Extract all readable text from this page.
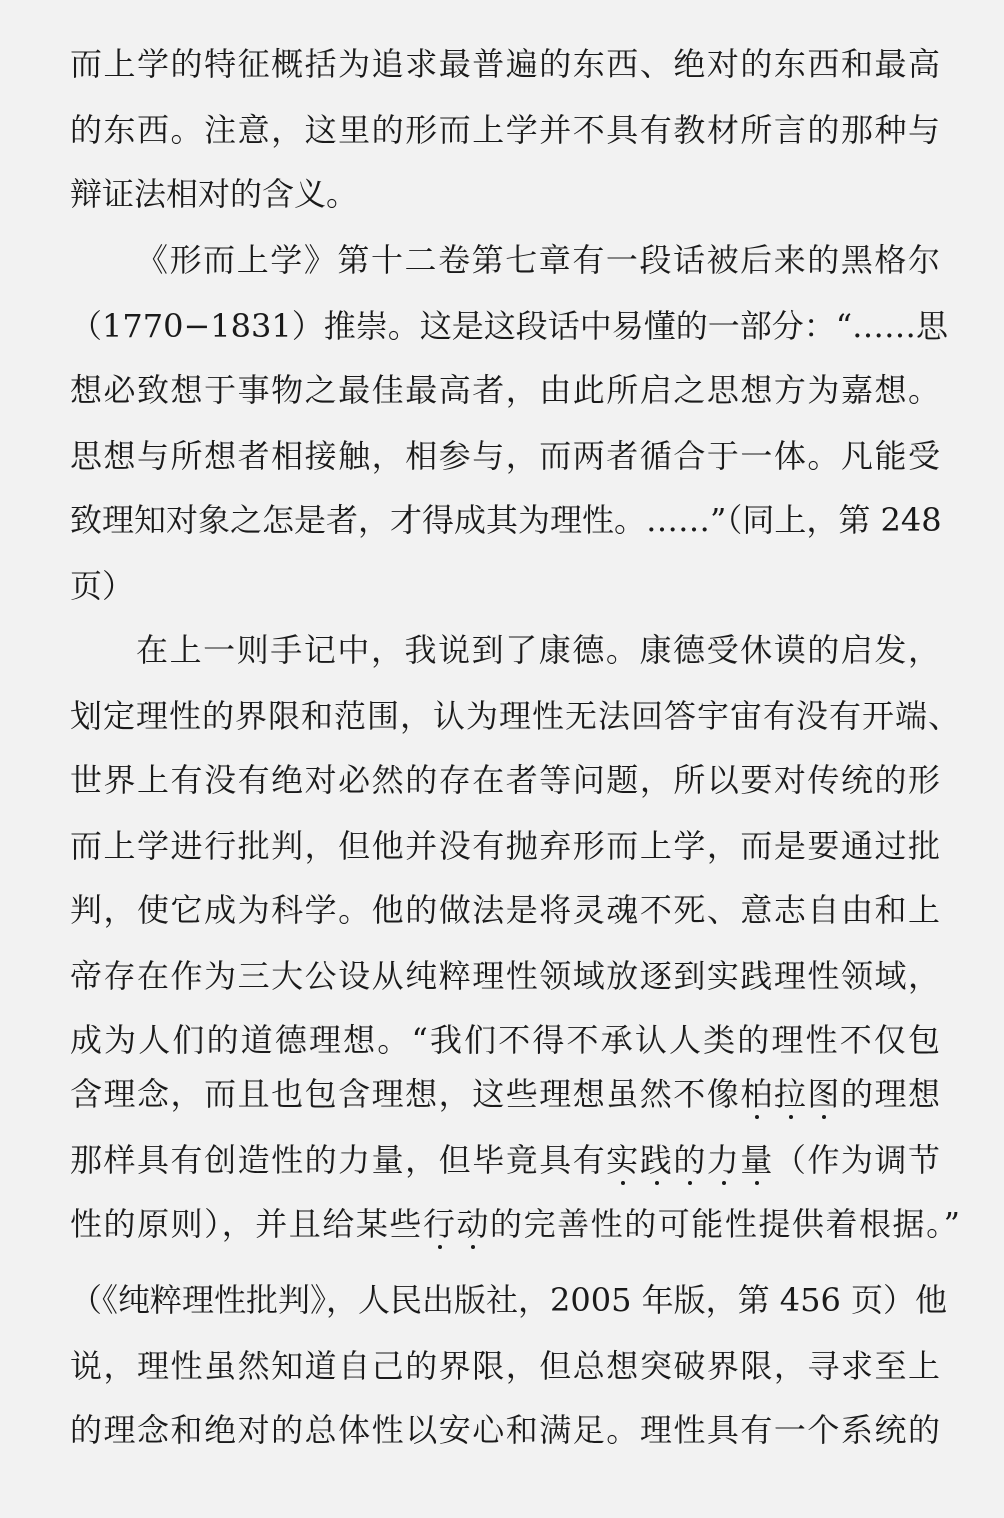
而上学的特征概括为追求最普遍的东西、绝对的东西和最高
的东西。注意，这里的形而上学并不具有教材所言的那种与
辩证法相对的含义。
《形而上学》第十二卷第七章有一段话被后来的黑格尔
（1770−1831）推崇。这是这段话中易懂的一部分：“……思
想必致想于事物之最佳最高者，由此所启之思想方为嘉想。
思想与所想者相接触，相参与，而两者循合于一体。凡能受
致理知对象之怎是者，才得成其为理性。……”（同上，第 248
页）
在上一则手记中，我说到了康德。康德受休谟的启发，
划定理性的界限和范围，认为理性无法回答宇宙有没有开端、
世界上有没有绝对必然的存在者等问题，所以要对传统的形
而上学进行批判，但他并没有抛弃形而上学，而是要通过批
判，使它成为科学。他的做法是将灵魂不死、意志自由和上
帝存在作为三大公设从纯粹理性领域放逐到实践理性领域，
成为人们的道德理想。“我们不得不承认人类的理性不仅包
含理念，而且也包含理想，这些理想虽然不像柏拉图的理想
那样具有创造性的力量，但毕竟具有实践的力量（作为调节
性的原则），并且给某些行动的完善性的可能性提供着根据。”
（《纯粹理性批判》，人民出版社，2005 年版，第 456 页）他
说，理性虽然知道自己的界限，但总想突破界限，寻求至上
的理念和绝对的总体性以安心和满足。理性具有一个系统的
